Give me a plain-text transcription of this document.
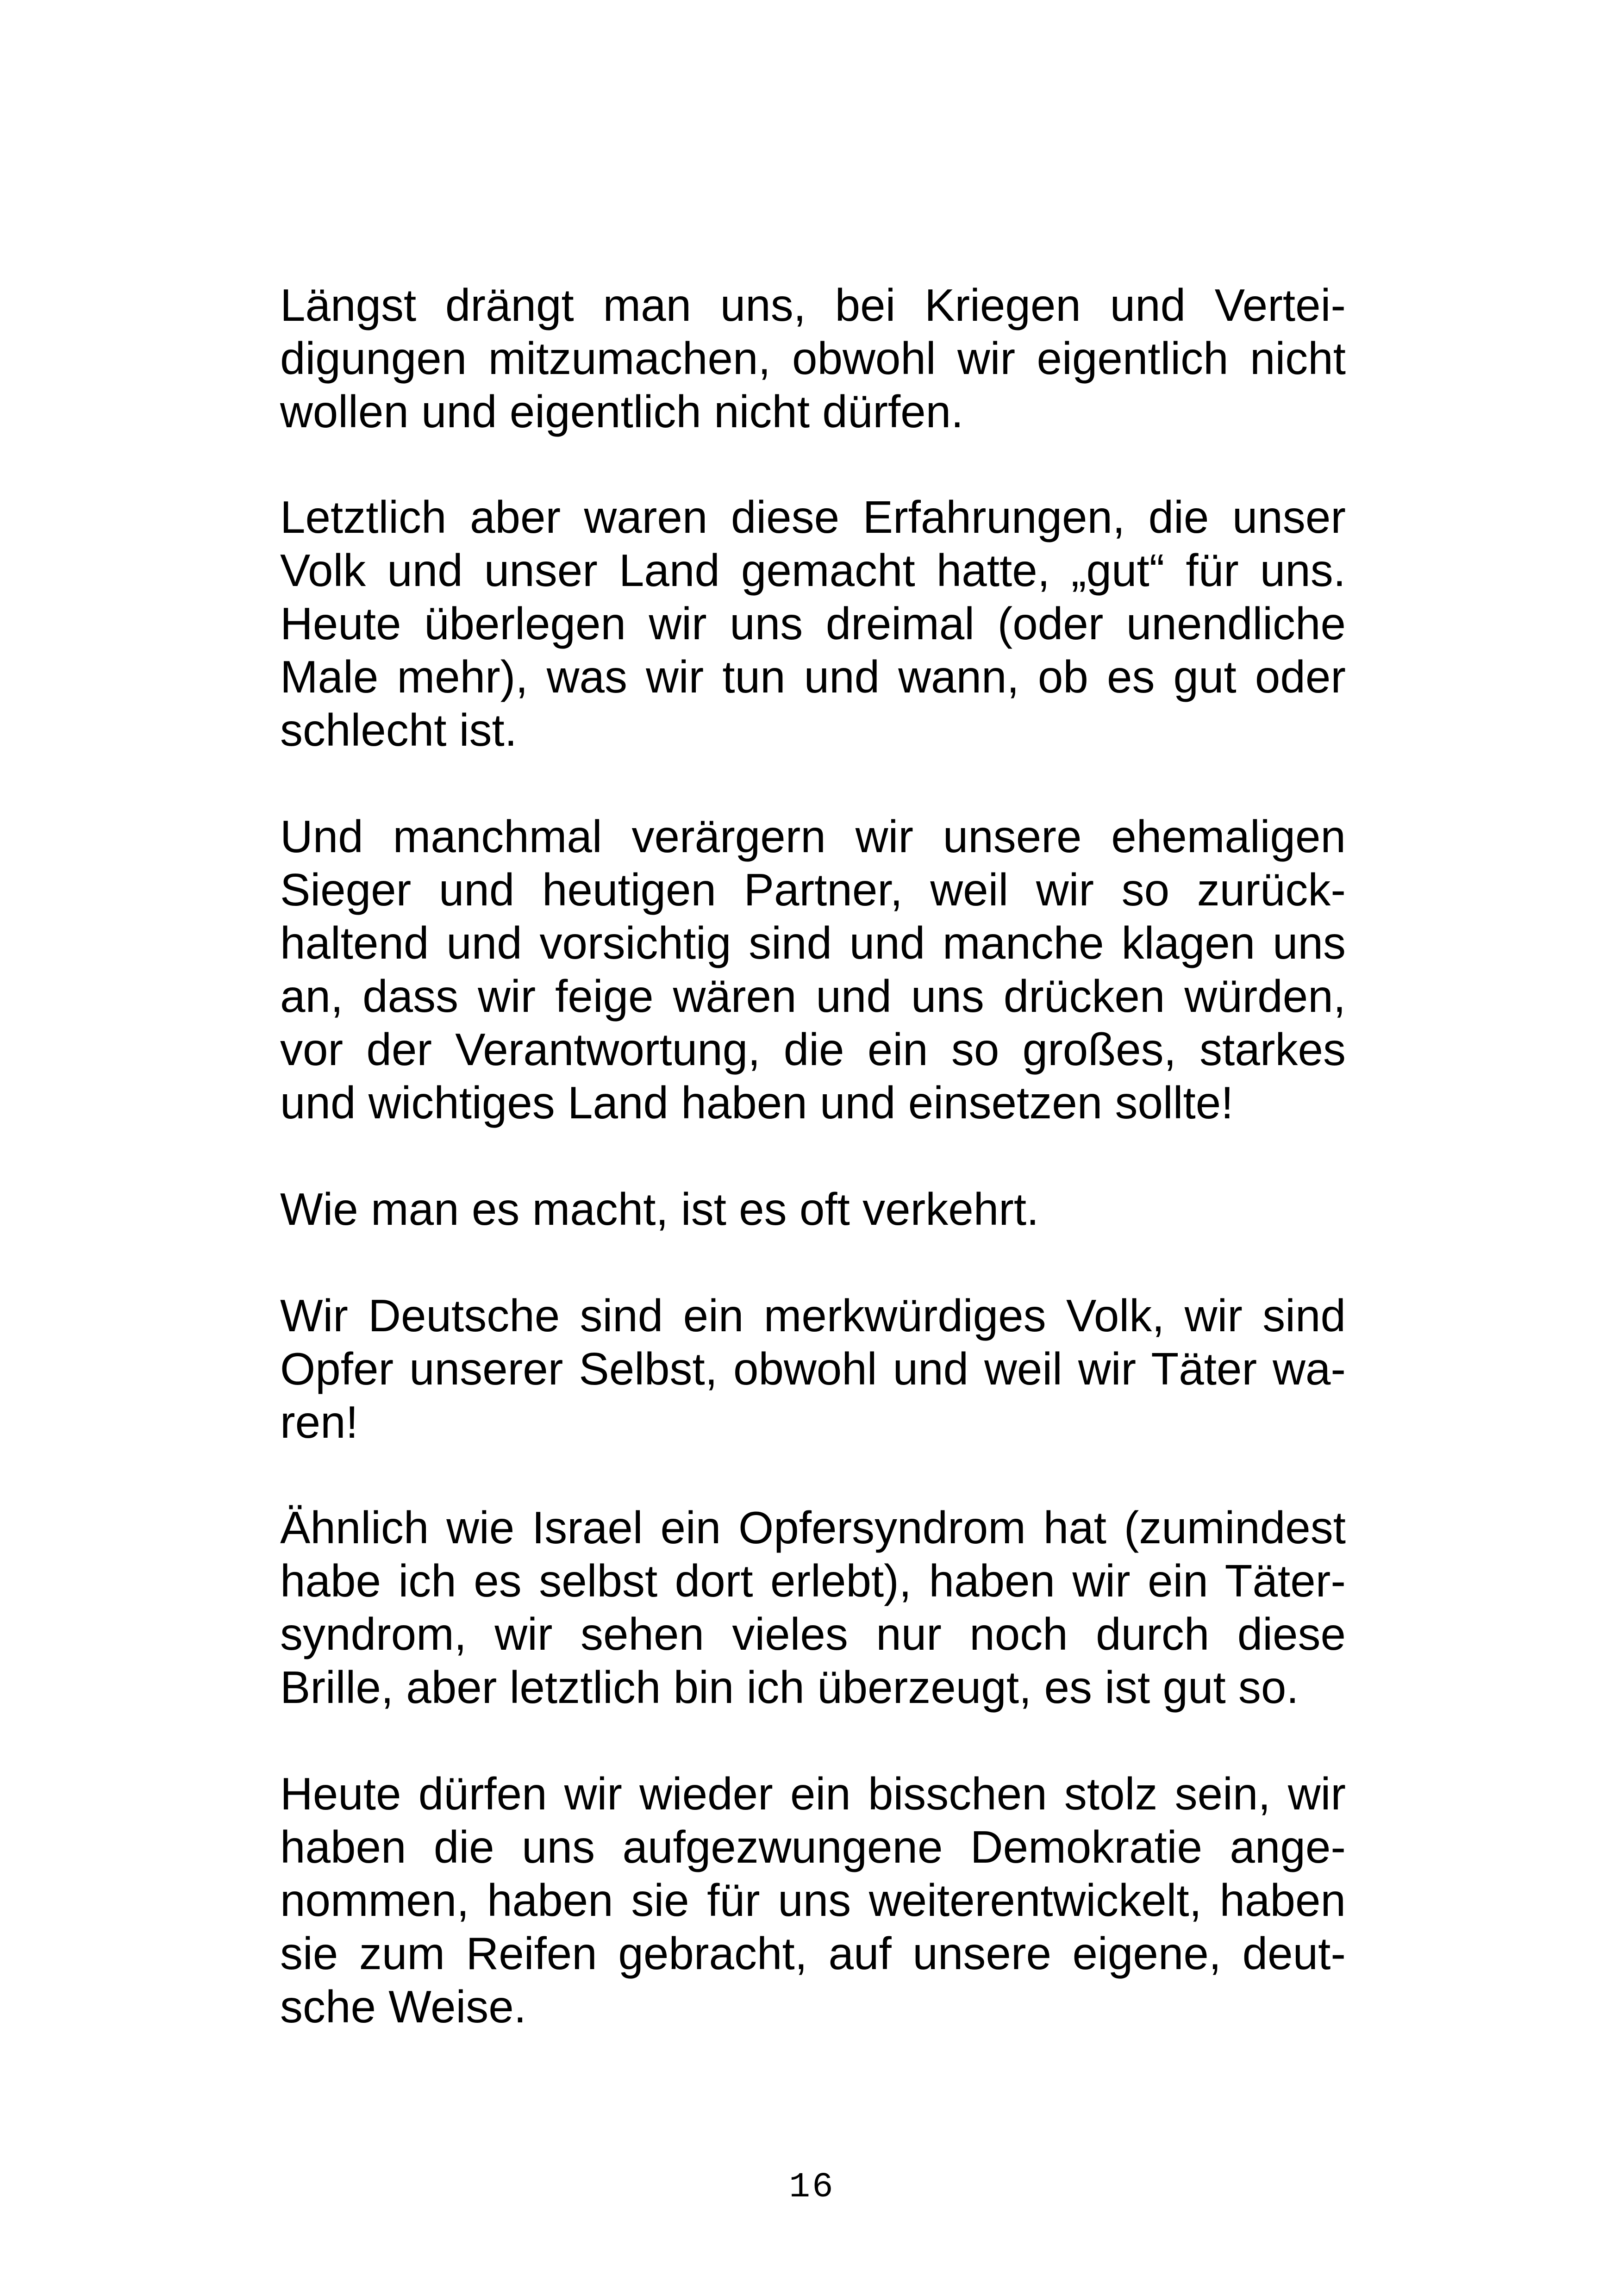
Längst drängt man uns, bei Kriegen und Vertei-

digungen mitzumachen, obwohl wir eigentlich nicht

wollen und eigentlich nicht dürfen.

Letztlich aber waren diese Erfahrungen, die unser

Volk und unser Land gemacht hatte, „gut“ für uns.

Heute überlegen wir uns dreimal (oder unendliche

Male mehr), was wir tun und wann, ob es gut oder

schlecht ist.

Und manchmal verärgern wir unsere ehemaligen

Sieger und heutigen Partner, weil wir so zurück-

haltend und vorsichtig sind und manche klagen uns

an, dass wir feige wären und uns drücken würden,

vor der Verantwortung, die ein so großes, starkes

und wichtiges Land haben und einsetzen sollte!

Wie man es macht, ist es oft verkehrt.

Wir Deutsche sind ein merkwürdiges Volk, wir sind

Opfer unserer Selbst, obwohl und weil wir Täter wa-

ren!

Ähnlich wie Israel ein Opfersyndrom hat (zumindest

habe ich es selbst dort erlebt), haben wir ein Täter-

syndrom, wir sehen vieles nur noch durch diese

Brille, aber letztlich bin ich überzeugt, es ist gut so.

Heute dürfen wir wieder ein bisschen stolz sein, wir

haben die uns aufgezwungene Demokratie ange-

nommen, haben sie für uns weiterentwickelt, haben

sie zum Reifen gebracht, auf unsere eigene, deut-

sche Weise.

16
